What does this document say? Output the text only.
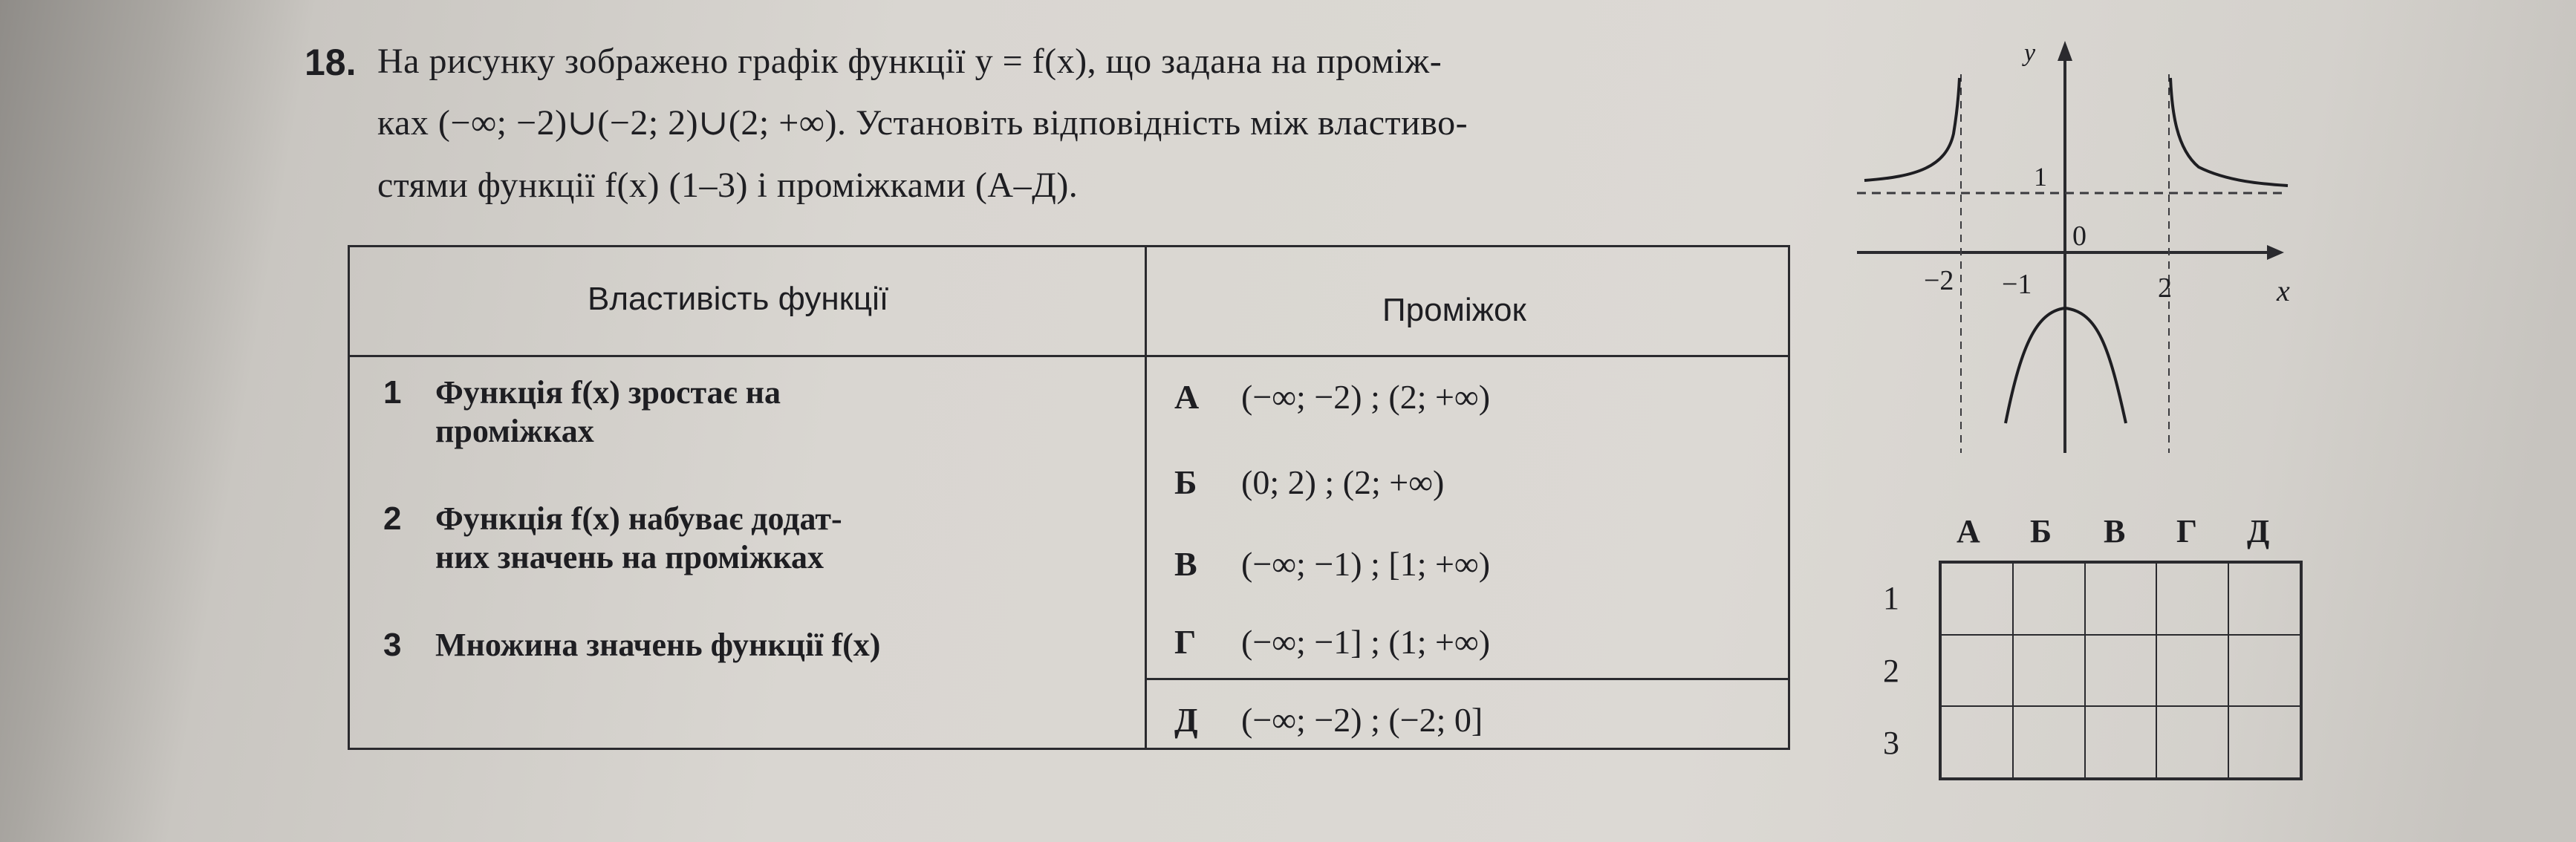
18. На рисунку зображено графік функції y = f(x), що задана на проміж-
ках (−∞; −2)∪(−2; 2)∪(2; +∞). Установіть відповідність між властиво-
стями функції f(x) (1–3) і проміжками (А–Д).
Властивість функції	Проміжок
1 Функція f(x) зростає на
проміжках
2 Функція f(x) набуває додат-
них значень на проміжках
3 Множина значень функції f(x)
А (−∞; −2) ; (2; +∞)
Б (0; 2) ; (2; +∞)
В (−∞; −1) ; [1; +∞)
Г (−∞; −1] ; (1; +∞)
Д (−∞; −2) ; (−2; 0]
y
x
−2 −1
0
1
2
А Б В Г Д
1
2
3
